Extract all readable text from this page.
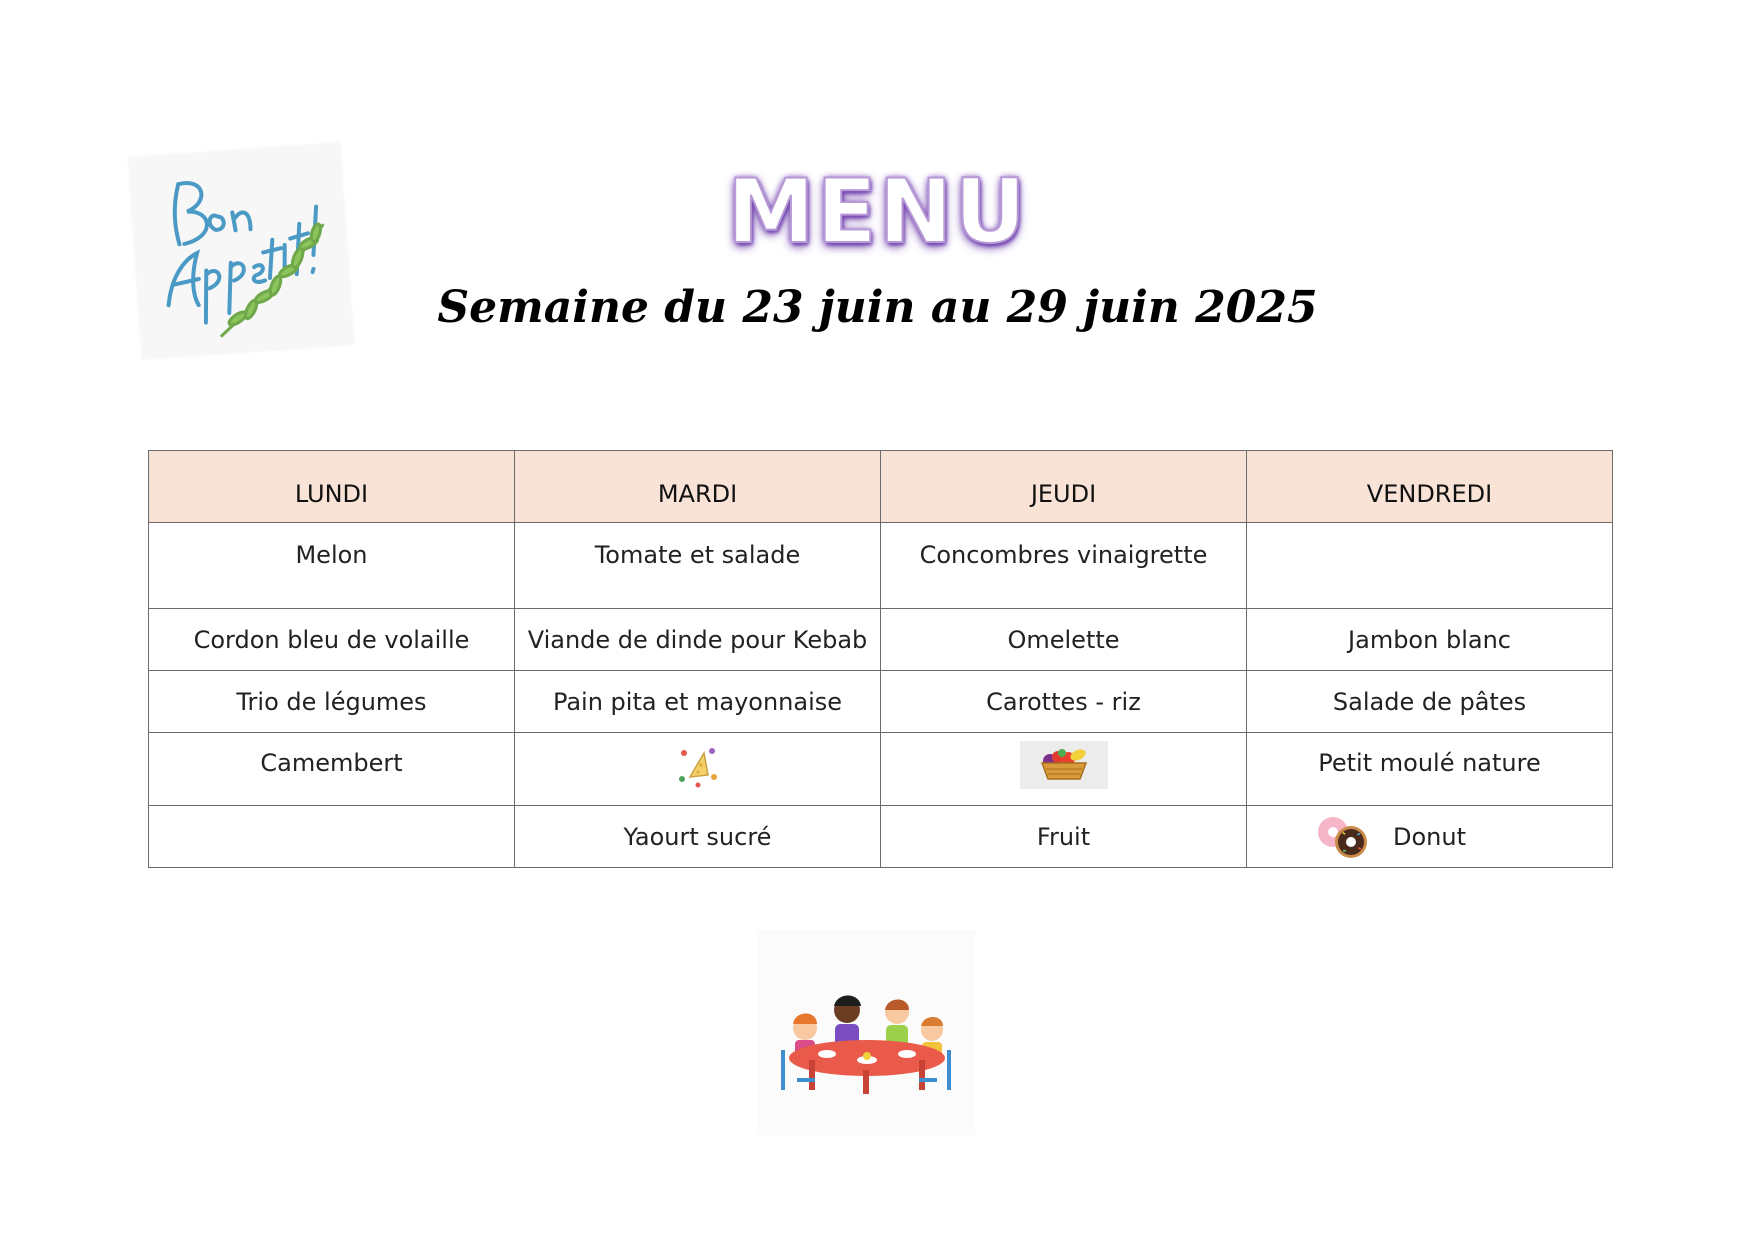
MENU
Semaine du 23 juin au 29 juin 2025
LUNDI	MARDI	JEUDI	VENDREDI
Melon	Tomate et salade	Concombres vinaigrette	
Cordon bleu de volaille	Viande de dinde pour Kebab	Omelette	Jambon blanc
Trio de légumes	Pain pita et mayonnaise	Carottes - riz	Salade de pâtes
Camembert			Petit moulé nature
	Yaourt sucré	Fruit	Donut
